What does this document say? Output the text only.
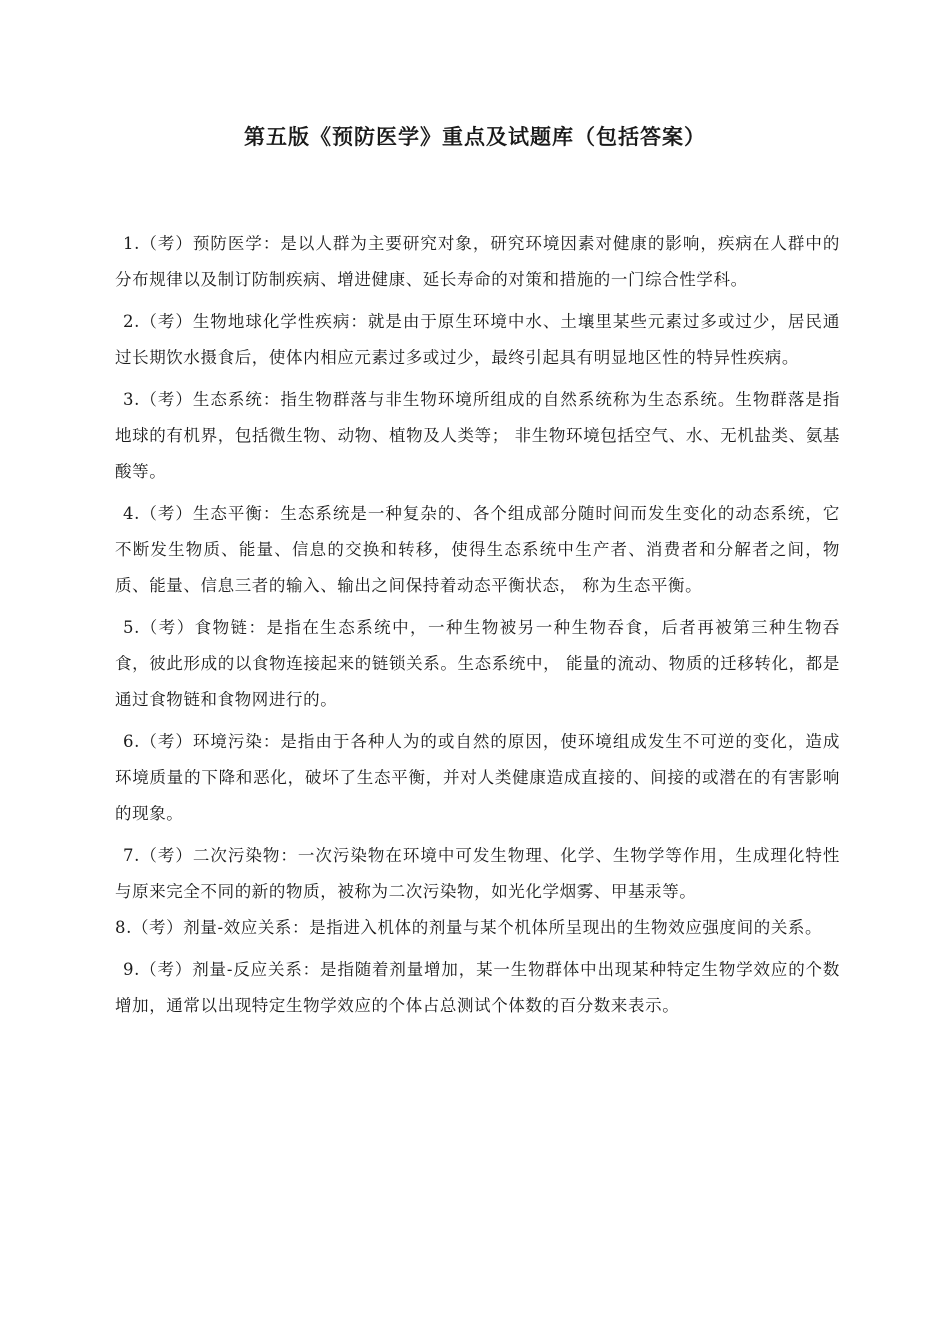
第五版《预防医学》重点及试题库（包括答案）

1.（考）预防医学：是以人群为主要研究对象，研究环境因素对健康的影响，疾病在人群中的分布规律以及制订防制疾病、增进健康、延长寿命的对策和措施的一门综合性学科。

2.（考）生物地球化学性疾病：就是由于原生环境中水、土壤里某些元素过多或过少，居民通过长期饮水摄食后，使体内相应元素过多或过少，最终引起具有明显地区性的特异性疾病。

3.（考）生态系统：指生物群落与非生物环境所组成的自然系统称为生态系统。生物群落是指地球的有机界，包括微生物、动物、植物及人类等； 非生物环境包括空气、水、无机盐类、氨基酸等。

4.（考）生态平衡：生态系统是一种复杂的、各个组成部分随时间而发生变化的动态系统，它不断发生物质、能量、信息的交换和转移，使得生态系统中生产者、消费者和分解者之间，物质、能量、信息三者的输入、输出之间保持着动态平衡状态， 称为生态平衡。

5.（考）食物链：是指在生态系统中，一种生物被另一种生物吞食，后者再被第三种生物吞食，彼此形成的以食物连接起来的链锁关系。生态系统中， 能量的流动、物质的迁移转化，都是通过食物链和食物网进行的。

6.（考）环境污染：是指由于各种人为的或自然的原因，使环境组成发生不可逆的变化，造成环境质量的下降和恶化，破坏了生态平衡，并对人类健康造成直接的、间接的或潜在的有害影响的现象。

7.（考）二次污染物：一次污染物在环境中可发生物理、化学、生物学等作用，生成理化特性与原来完全不同的新的物质，被称为二次污染物，如光化学烟雾、甲基汞等。

8.（考）剂量-效应关系：是指进入机体的剂量与某个机体所呈现出的生物效应强度间的关系。

9.（考）剂量-反应关系：是指随着剂量增加，某一生物群体中出现某种特定生物学效应的个数增加，通常以出现特定生物学效应的个体占总测试个体数的百分数来表示。
